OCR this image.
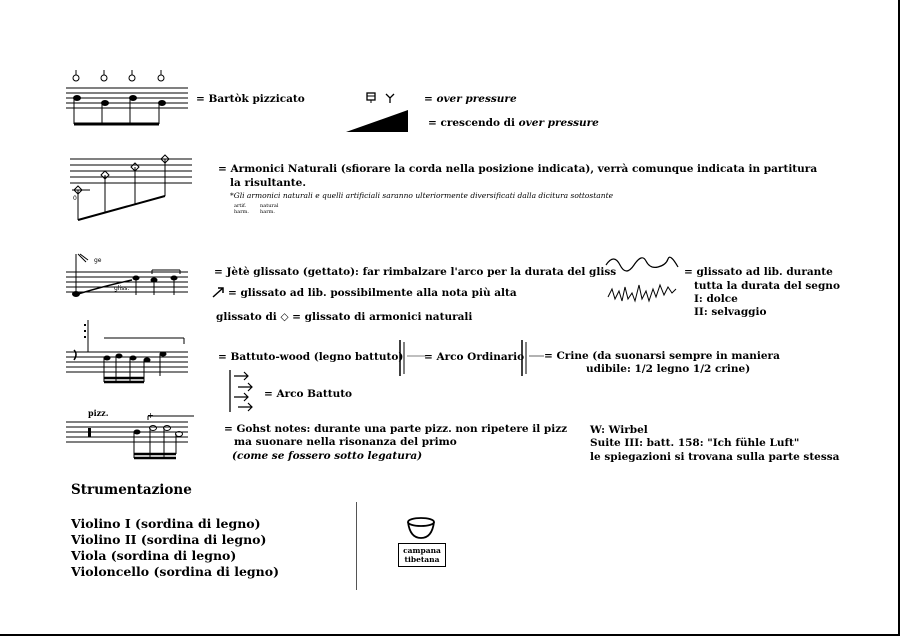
= Bartòk pizzicato	= over pressure
= crescendo di over pressure
0
= Armonici Naturali (sfiorare la corda nella posizione indicata), verrà comunque indicata in partitura
la risultante.
*Gli armonici naturali e quelli artificiali saranno ulteriormente diversificati dalla dicitura sottostante
artif.
harm.
natural
harm.
ge
gliss.
= Jètè glissato (gettato): far rimbalzare l'arco per la durata del gliss
= glissato ad lib. possibilmente alla nota più alta
glissato di ◇ = glissato di armonici naturali
= glissato ad lib. durante
tutta la durata del segno
I: dolce
II: selvaggio
= Battuto-wood (legno battuto) = Arco Ordinario = Crine (da suonarsi sempre in maniera
udibile: 1/2 legno 1/2 crine)
= Arco Battuto
pizz.	+
= Gohst notes: durante una parte pizz. non ripetere il pizz
ma suonare nella risonanza del primo
(come se fossero sotto legatura)
W: Wirbel
Suite III: batt. 158: "Ich fühle Luft"
le spiegazioni si trovana sulla parte stessa
Strumentazione
Violino I (sordina di legno)
Violino II (sordina di legno)
Viola (sordina di legno)
Violoncello (sordina di legno)
campana
tibetana
